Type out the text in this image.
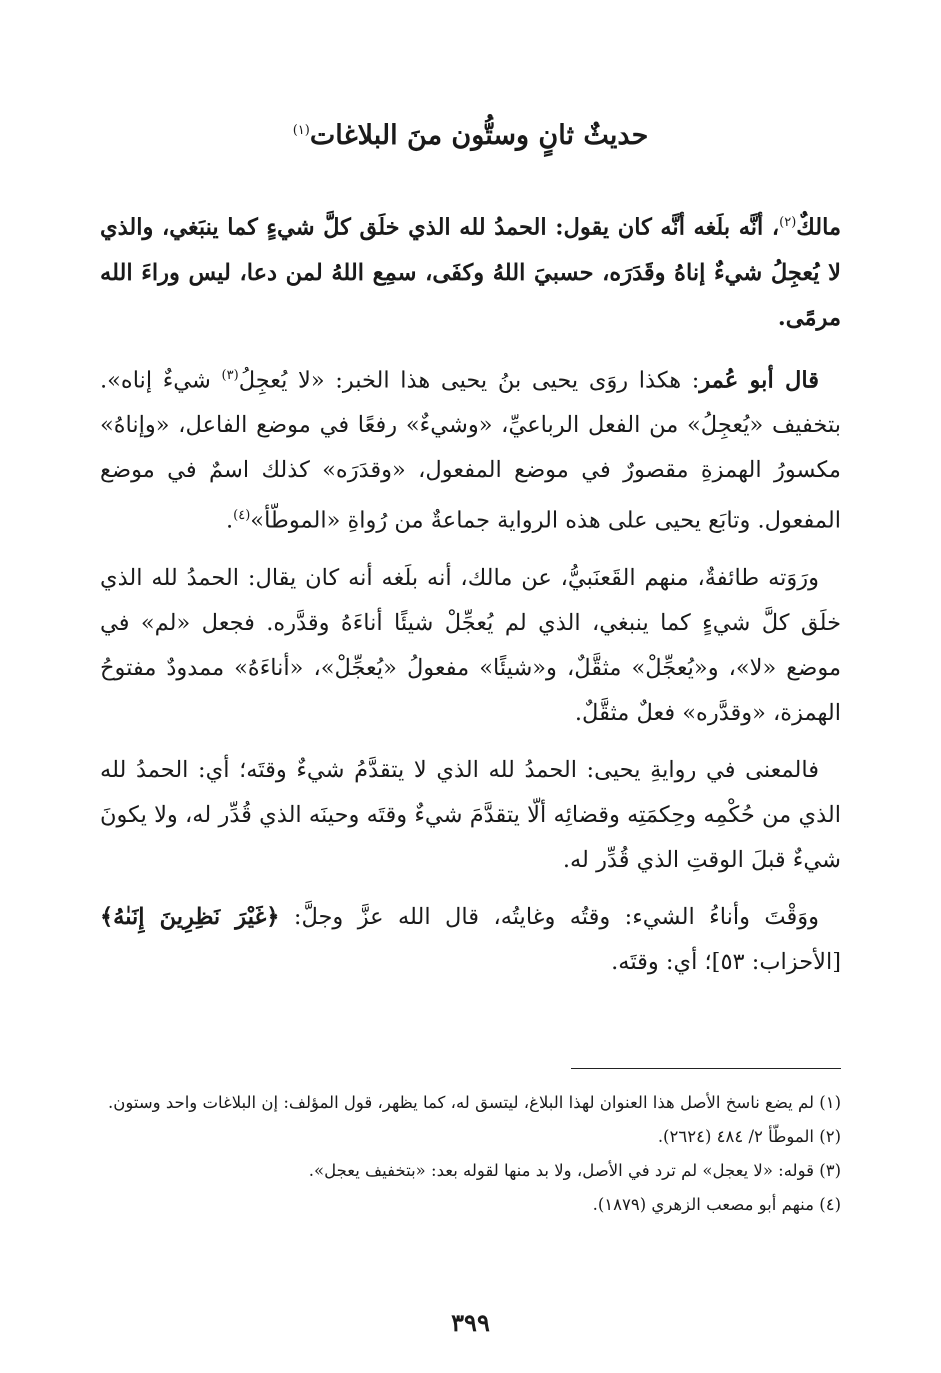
حديثٌ ثانٍ وستُّون منَ البلاغات$^{(١)}$

مالكٌ$^{(٢)}$، أنَّه بلَغه أنَّه كان يقول: الحمدُ لله الذي خلَق كلَّ شيءٍ كما ينبَغي، والذي لا يُعجِلُ شيءٌ إناهُ وقَدَرَه، حسبيَ اللهُ وكفَى، سمِع اللهُ لمن دعا، ليس وراءَ الله مرمًى.

قال أبو عُمر: هكذا روَى يحيى بنُ يحيى هذا الخبر: «لا يُعجِلُ$^{(٣)}$ شيءٌ إناه». بتخفيف «يُعجِلُ» من الفعل الرباعيِّ، «وشيءٌ» رفعًا في موضع الفاعل، «وإناهُ» مكسورُ الهمزةِ مقصورٌ في موضع المفعول، «وقدَرَه» كذلك اسمٌ في موضع المفعول. وتابَع يحيى على هذه الرواية جماعةٌ من رُواةِ «الموطّأ»$^{(٤)}$.

ورَوَته طائفةٌ، منهم القَعنَبيُّ، عن مالك، أنه بلَغه أنه كان يقال: الحمدُ لله الذي خلَق كلَّ شيءٍ كما ينبغي، الذي لم يُعجِّلْ شيئًا أناءَهُ وقدَّره. فجعل «لم» في موضع «لا»، و«يُعجِّلْ» مثقَّلٌ، و«شيئًا» مفعولُ «يُعجِّلْ»، «أناءَهُ» ممدودٌ مفتوحُ الهمزة، «وقدَّره» فعلٌ مثقَّلٌ.

فالمعنى في روايةِ يحيى: الحمدُ لله الذي لا يتقدَّمُ شيءٌ وقتَه؛ أي: الحمدُ لله الذي من حُكْمِه وحِكمَتِه وقضائِه ألّا يتقدَّمَ شيءٌ وقتَه وحينَه الذي قُدِّر له، ولا يكونَ شيءٌ قبلَ الوقتِ الذي قُدِّر له.

ووَقْتَ وأناءُ الشيء: وقتُه وغايتُه، قال الله عزَّ وجلَّ: ﴿غَيْرَ نَظِرِينَ إِنَىٰهُ﴾ [الأحزاب: ٥٣]؛ أي: وقتَه.

(١) لم يضع ناسخ الأصل هذا العنوان لهذا البلاغ، ليتسق له، كما يظهر، قول المؤلف: إن البلاغات واحد وستون.

(٢) الموطّأ ٢/ ٤٨٤ (٢٦٢٤).

(٣) قوله: «لا يعجل» لم ترد في الأصل، ولا بد منها لقوله بعد: «بتخفيف يعجل».

(٤) منهم أبو مصعب الزهري (١٨٧٩).

٣٩٩
